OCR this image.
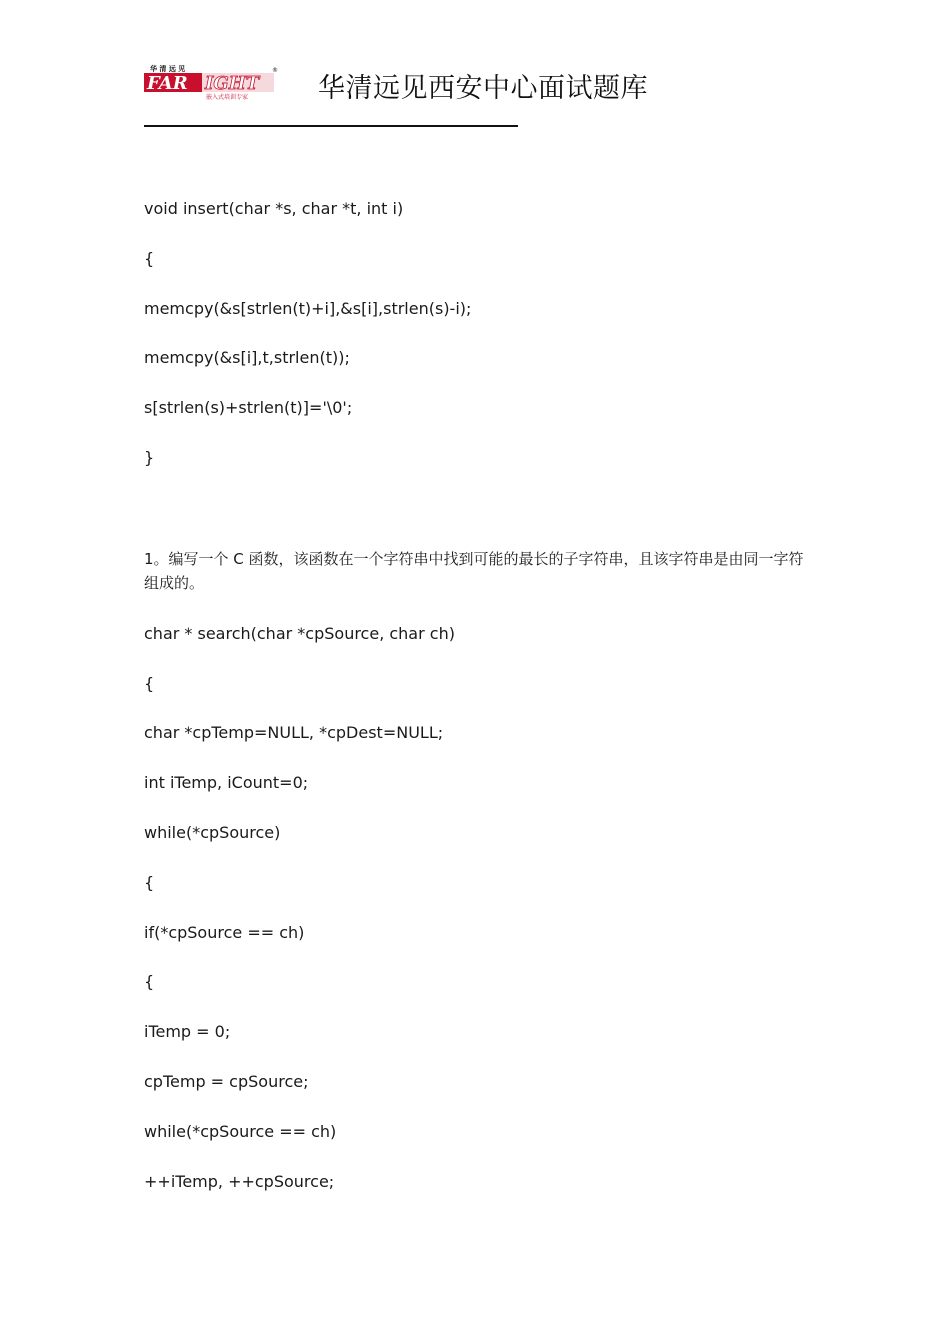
华 清 远 见
FAR IGHT
®
嵌入式培训专家	华清远见西安中心面试题库
void insert(char *s, char *t, int i)
{
memcpy(&s[strlen(t)+i],&s[i],strlen(s)-i);
memcpy(&s[i],t,strlen(t));
s[strlen(s)+strlen(t)]='\0';
}
1。编写一个 C 函数，该函数在一个字符串中找到可能的最长的子字符串，且该字符串是由同一字符组成的。
char * search(char *cpSource, char ch)
{
char *cpTemp=NULL, *cpDest=NULL;
int iTemp, iCount=0;
while(*cpSource)
{
if(*cpSource == ch)
{
iTemp = 0;
cpTemp = cpSource;
while(*cpSource == ch)
++iTemp, ++cpSource;
